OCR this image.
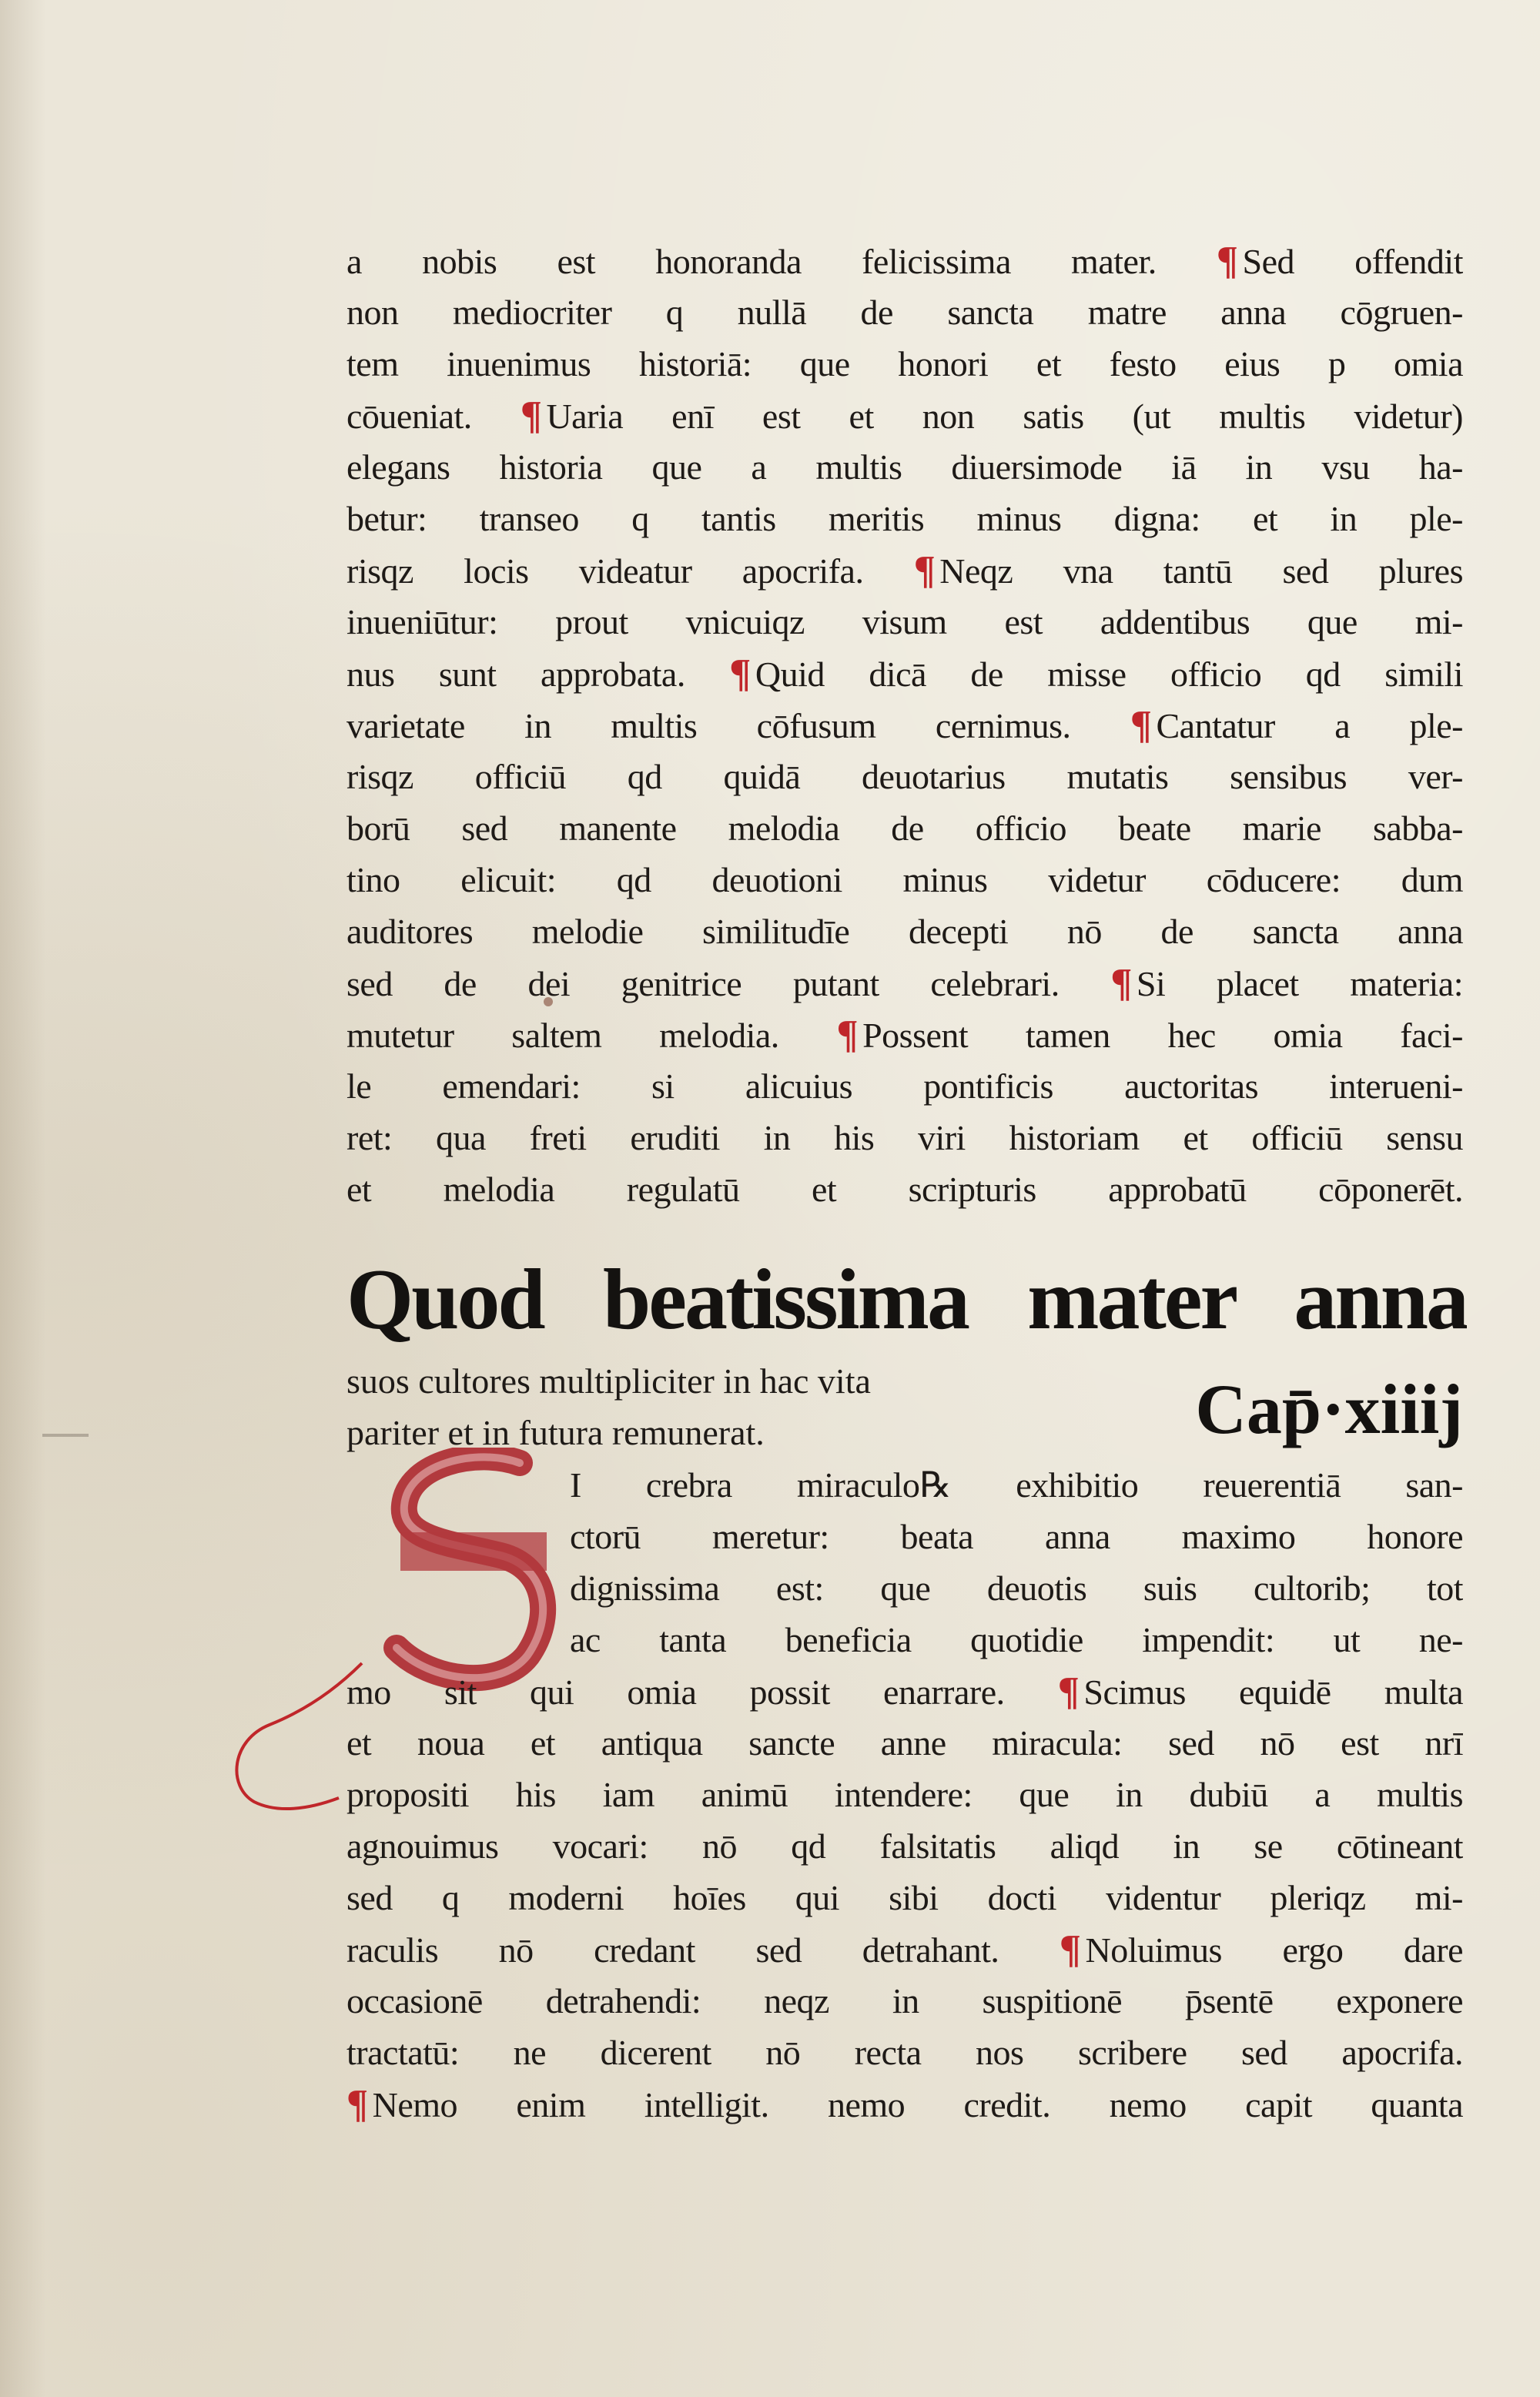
a nobis est honoranda felicissima mater. ¶ Sed offendit
non mediocriter q nullā de sancta matre anna cōgruen-
tem inuenimus historiā: que honori et festo eius p omia
cōueniat. ¶ Uaria enī est et non satis (ut multis videtur)
elegans historia que a multis diuersimode iā in vsu ha-
betur: transeo q tantis meritis minus digna: et in ple-
risqz locis videatur apocrifa. ¶ Neqz vna tantū sed plures
inueniūtur: prout vnicuiqz visum est addentibus que mi-
nus sunt approbata. ¶ Quid dicā de misse officio qd simili
varietate in multis cōfusum cernimus. ¶ Cantatur a ple-
risqz officiū qd quidā deuotarius mutatis sensibus ver-
borū sed manente melodia de officio beate marie sabba-
tino elicuit: qd deuotioni minus videtur cōducere: dum
auditores melodie similitudīe decepti nō de sancta anna
sed de dei genitrice putant celebrari. ¶ Si placet materia:
mutetur saltem melodia. ¶ Possent tamen hec omia faci-
le emendari: si alicuius pontificis auctoritas interueni-
ret: qua freti eruditi in his viri historiam et officiū sensu
et melodia regulatū et scripturis approbatū cōponerēt.
Quod beatissima mater anna
suos cultores multipliciter in hac vita
pariter et in futura remunerat.	Cap̄·xiiij
I crebra miraculo℞ exhibitio reuerentiā san-
ctorū meretur: beata anna maximo honore
dignissima est: que deuotis suis cultorib; tot
ac tanta beneficia quotidie impendit: ut ne-
mo sit qui omia possit enarrare. ¶ Scimus equidē multa
et noua et antiqua sancte anne miracula: sed nō est nrī
propositi his iam animū intendere: que in dubiū a multis
agnouimus vocari: nō qd falsitatis aliqd in se cōtineant
sed q moderni hoīes qui sibi docti videntur pleriqz mi-
raculis nō credant sed detrahant. ¶ Noluimus ergo dare
occasionē detrahendi: neqz in suspitionē p̄sentē exponere
tractatū: ne dicerent nō recta nos scribere sed apocrifa.
¶ Nemo enim intelligit. nemo credit. nemo capit quanta
